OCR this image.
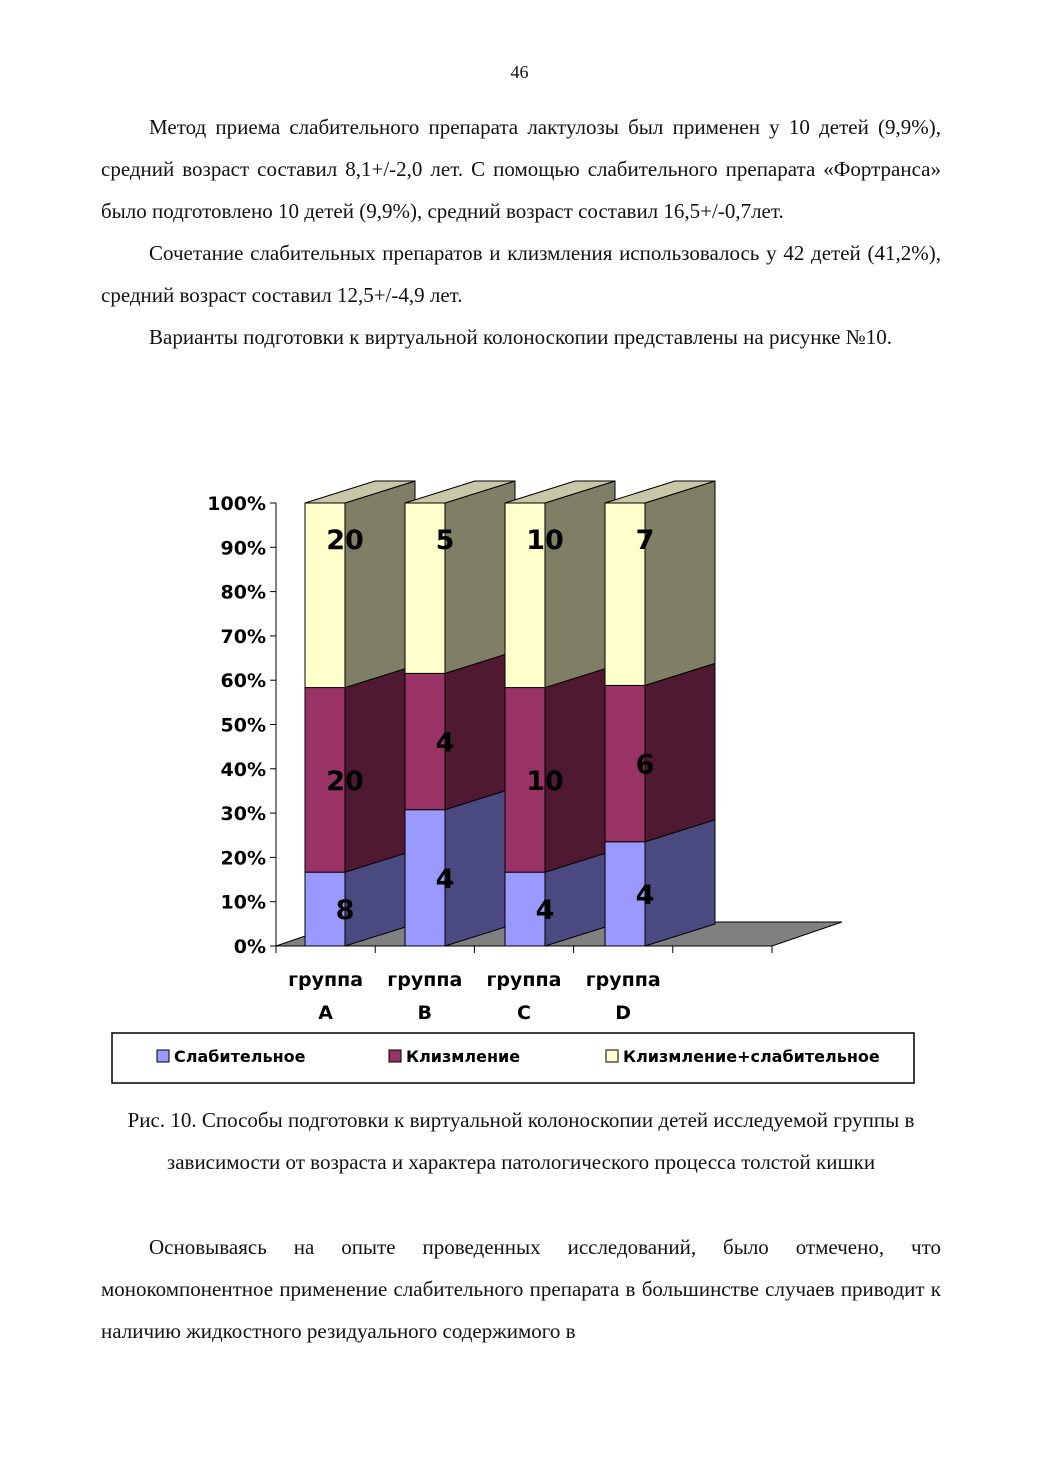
46

Метод приема слабительного препарата лактулозы был применен у 10 детей (9,9%), средний возраст составил 8,1+/-2,0 лет. С помощью слабительного препарата «Фортранса» было подготовлено 10 детей (9,9%), средний возраст составил 16,5+/-0,7лет.

Сочетание слабительных препаратов и клизмления использовалось у 42 детей (41,2%), средний возраст составил 12,5+/-4,9 лет.

Варианты подготовки к виртуальной колоноскопии представлены на рисунке №10.

0%
10%
20%
30%
40%
50%
60%
70%
80%
90%
100%
8
20
20
группа
A
4
4
5
группа
B
4
10
10
группа
C
4
6
7
группа
D
Слабительное	Клизмление	Клизмление+слабительное

Рис. 10. Способы подготовки к виртуальной колоноскопии детей исследуемой группы в зависимости от возраста и характера патологического процесса толстой кишки

Основываясь на опыте проведенных исследований, было отмечено, что монокомпонентное применение слабительного препарата в большинстве случаев приводит к наличию жидкостного резидуального содержимого в
